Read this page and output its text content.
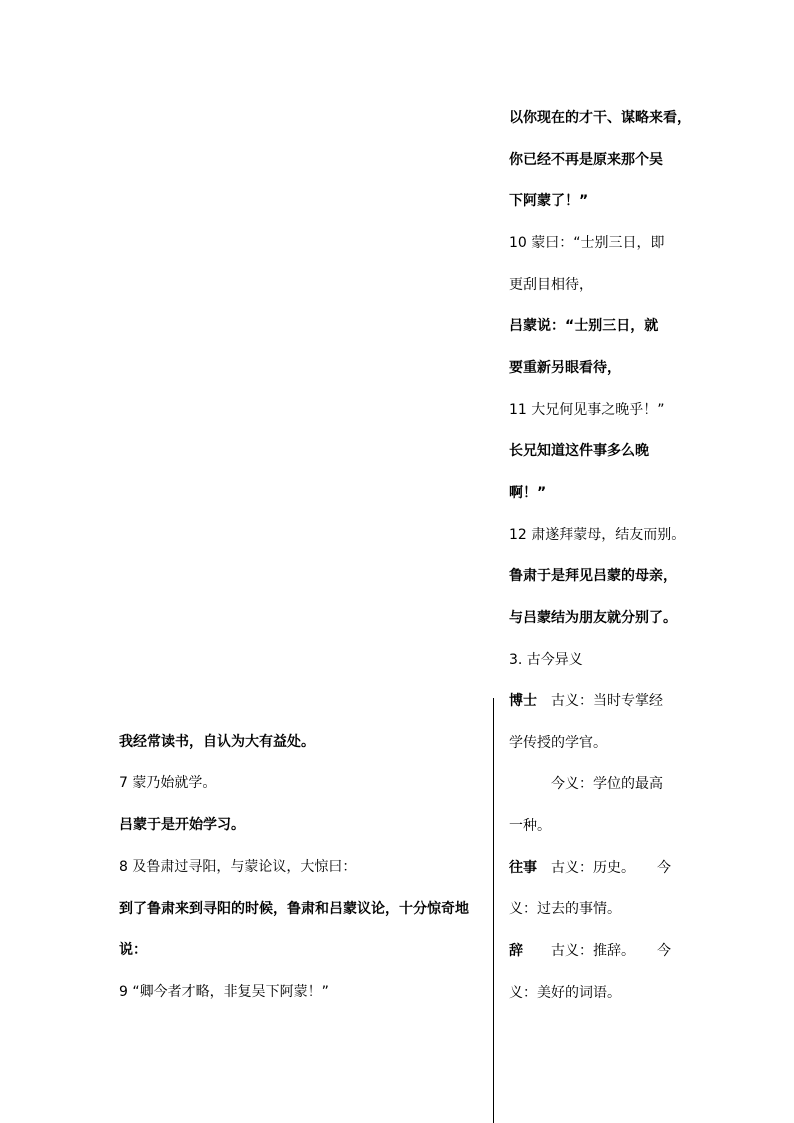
我经常读书，自认为大有益处。

7 蒙乃始就学。

吕蒙于是开始学习。

8 及鲁肃过寻阳，与蒙论议，大惊曰：

到了鲁肃来到寻阳的时候，鲁肃和吕蒙议论，十分惊奇地

说：

9 “卿今者才略，非复吴下阿蒙！”

以你现在的才干、谋略来看，

你已经不再是原来那个吴

下阿蒙了！”

10 蒙曰：“士别三日，即

更刮目相待，

吕蒙说：“士别三日，就

要重新另眼看待，

11 大兄何见事之晚乎！”

长兄知道这件事多么晚

啊！”

12 肃遂拜蒙母，结友而别。

鲁肃于是拜见吕蒙的母亲，

与吕蒙结为朋友就分别了。

3. 古今异义

博士 古义：当时专掌经

学传授的学官。

今义：学位的最高

一种。

往事 古义：历史。 今

义：过去的事情。

辞 古义：推辞。 今

义：美好的词语。
